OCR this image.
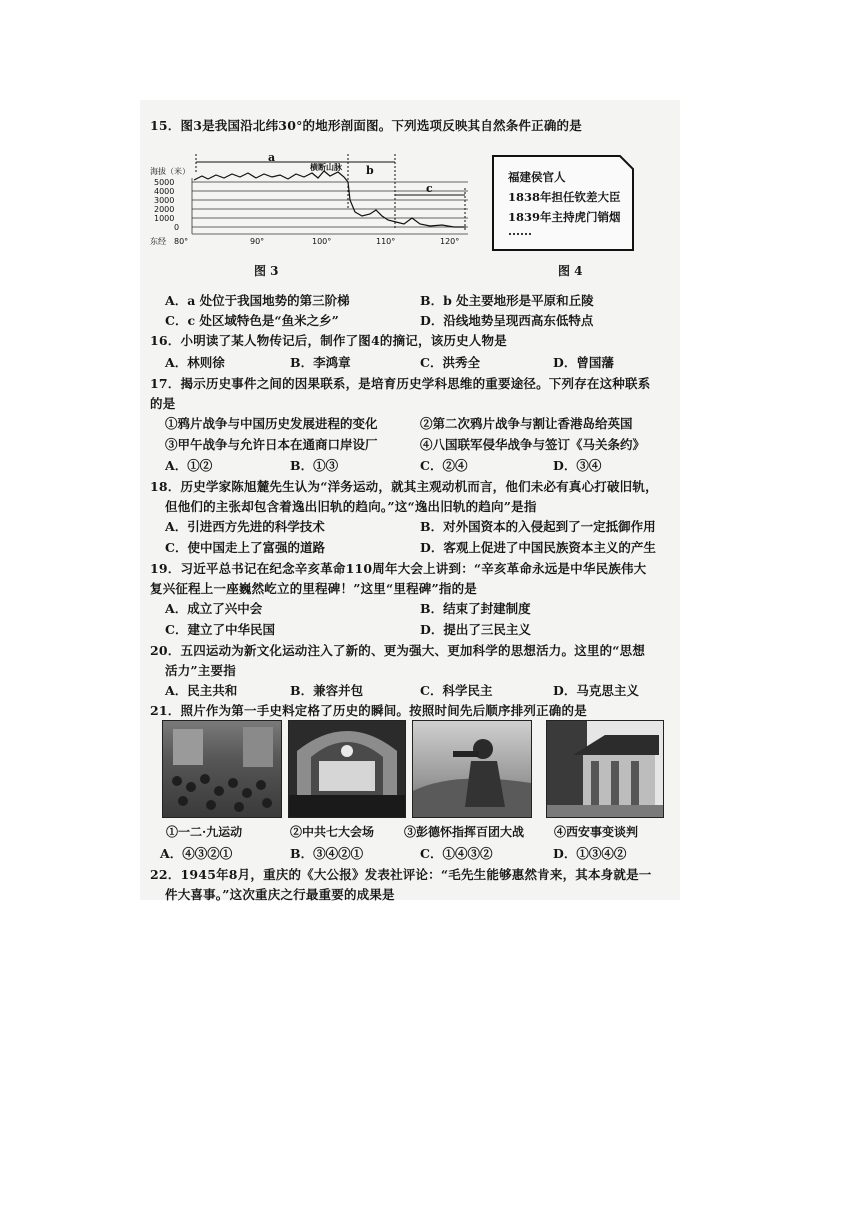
15．图3是我国沿北纬30°的地形剖面图。下列选项反映其自然条件正确的是
a
b
c
横断山脉
海拔（米）
5000
4000
3000
2000
1000
0
东经 80°	90°	100°	110°	120°
图 3
福建侯官人
1838年担任钦差大臣
1839年主持虎门销烟
······
图 4
A．a 处位于我国地势的第三阶梯	B．b 处主要地形是平原和丘陵
C．c 处区域特色是“鱼米之乡”	D．沿线地势呈现西高东低特点
16．小明读了某人物传记后，制作了图4的摘记，该历史人物是
A．林则徐	B．李鸿章	C．洪秀全	D．曾国藩
17．揭示历史事件之间的因果联系，是培育历史学科思维的重要途径。下列存在这种联系
的是
①鸦片战争与中国历史发展进程的变化	②第二次鸦片战争与割让香港岛给英国
③甲午战争与允许日本在通商口岸设厂	④八国联军侵华战争与签订《马关条约》
A．①②	B．①③	C．②④	D．③④
18．历史学家陈旭麓先生认为“洋务运动，就其主观动机而言，他们未必有真心打破旧轨，
但他们的主张却包含着逸出旧轨的趋向。”这“逸出旧轨的趋向”是指
A．引进西方先进的科学技术	B．对外国资本的入侵起到了一定抵御作用
C．使中国走上了富强的道路	D．客观上促进了中国民族资本主义的产生
19．习近平总书记在纪念辛亥革命110周年大会上讲到：“辛亥革命永远是中华民族伟大
复兴征程上一座巍然屹立的里程碑！”这里“里程碑”指的是
A．成立了兴中会	B．结束了封建制度
C．建立了中华民国	D．提出了三民主义
20．五四运动为新文化运动注入了新的、更为强大、更加科学的思想活力。这里的“思想
活力”主要指
A．民主共和	B．兼容并包	C．科学民主	D．马克思主义
21．照片作为第一手史料定格了历史的瞬间。按照时间先后顺序排列正确的是
①一二·九运动	②中共七大会场 ③彭德怀指挥百团大战 ④西安事变谈判
A．④③②①	B．③④②①	C．①④③②	D．①③④②
22．1945年8月，重庆的《大公报》发表社评论：“毛先生能够惠然肯来，其本身就是一
件大喜事。”这次重庆之行最重要的成果是
